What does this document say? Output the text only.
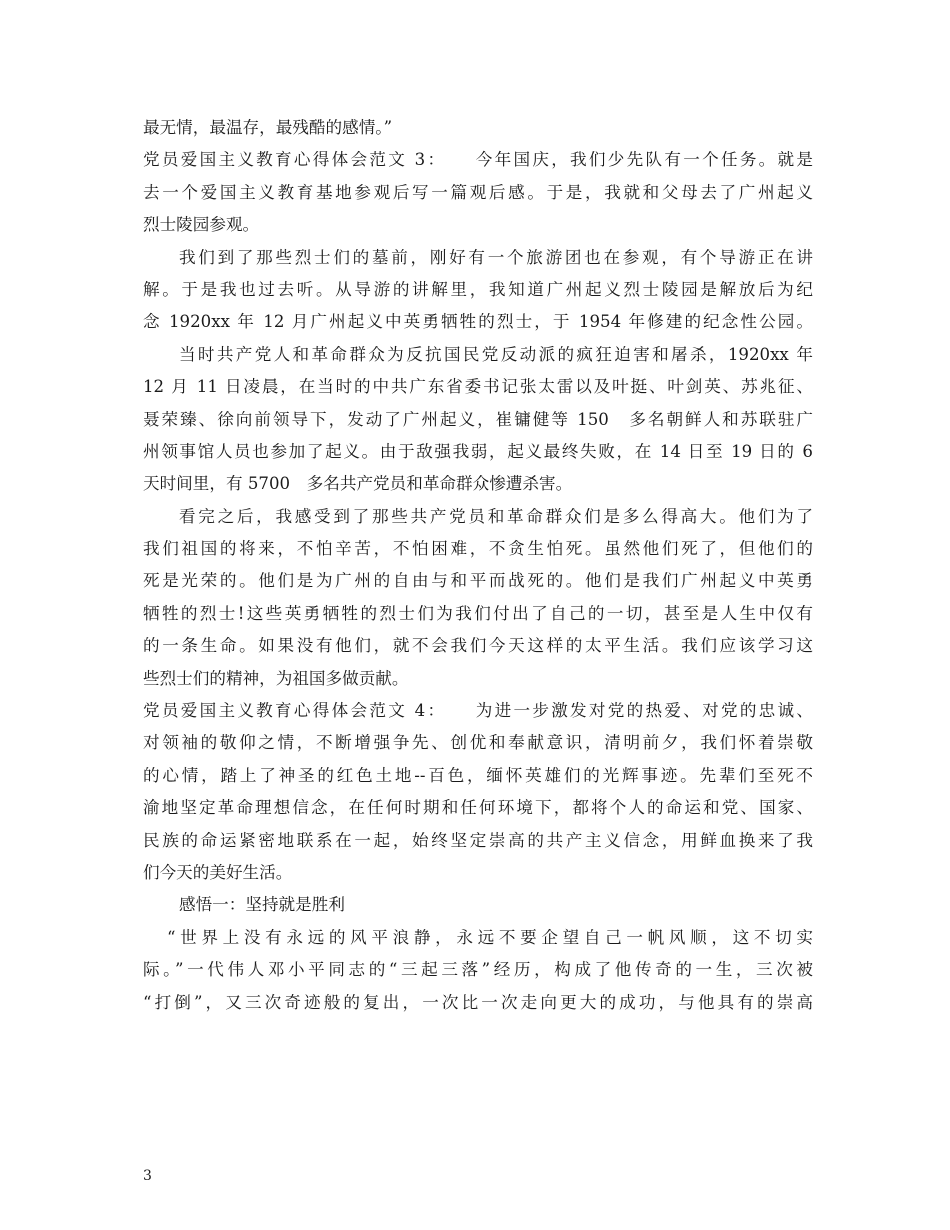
最无情，最温存，最残酷的感情。”
党员爱国主义教育心得体会范文 3：　　今年国庆，我们少先队有一个任务。就是
去一个爱国主义教育基地参观后写一篇观后感。于是，我就和父母去了广州起义
烈士陵园参观。
我们到了那些烈士们的墓前，刚好有一个旅游团也在参观，有个导游正在讲
解。于是我也过去听。从导游的讲解里，我知道广州起义烈士陵园是解放后为纪
念 1920xx 年 12 月广州起义中英勇牺牲的烈士，于 1954 年修建的纪念性公园。
当时共产党人和革命群众为反抗国民党反动派的疯狂迫害和屠杀，1920xx 年
12 月 11 日凌晨，在当时的中共广东省委书记张太雷以及叶挺、叶剑英、苏兆征、
聂荣臻、徐向前领导下，发动了广州起义，崔镛健等 150　多名朝鲜人和苏联驻广
州领事馆人员也参加了起义。由于敌强我弱，起义最终失败，在 14 日至 19 日的 6
天时间里，有 5700　多名共产党员和革命群众惨遭杀害。
看完之后，我感受到了那些共产党员和革命群众们是多么得高大。他们为了
我们祖国的将来，不怕辛苦，不怕困难，不贪生怕死。虽然他们死了，但他们的
死是光荣的。他们是为广州的自由与和平而战死的。他们是我们广州起义中英勇
牺牲的烈士!这些英勇牺牲的烈士们为我们付出了自己的一切，甚至是人生中仅有
的一条生命。如果没有他们，就不会我们今天这样的太平生活。我们应该学习这
些烈士们的精神，为祖国多做贡献。
党员爱国主义教育心得体会范文 4：　　为进一步激发对党的热爱、对党的忠诚、
对领袖的敬仰之情，不断增强争先、创优和奉献意识，清明前夕，我们怀着崇敬
的心情，踏上了神圣的红色土地--百色，缅怀英雄们的光辉事迹。先辈们至死不
渝地坚定革命理想信念，在任何时期和任何环境下，都将个人的命运和党、国家、
民族的命运紧密地联系在一起，始终坚定崇高的共产主义信念，用鲜血换来了我
们今天的美好生活。
感悟一：坚持就是胜利
“世界上没有永远的风平浪静，永远不要企望自己一帆风顺，这不切实
际。”一代伟人邓小平同志的“三起三落”经历，构成了他传奇的一生，三次被
“打倒”，又三次奇迹般的复出，一次比一次走向更大的成功，与他具有的崇高
3
